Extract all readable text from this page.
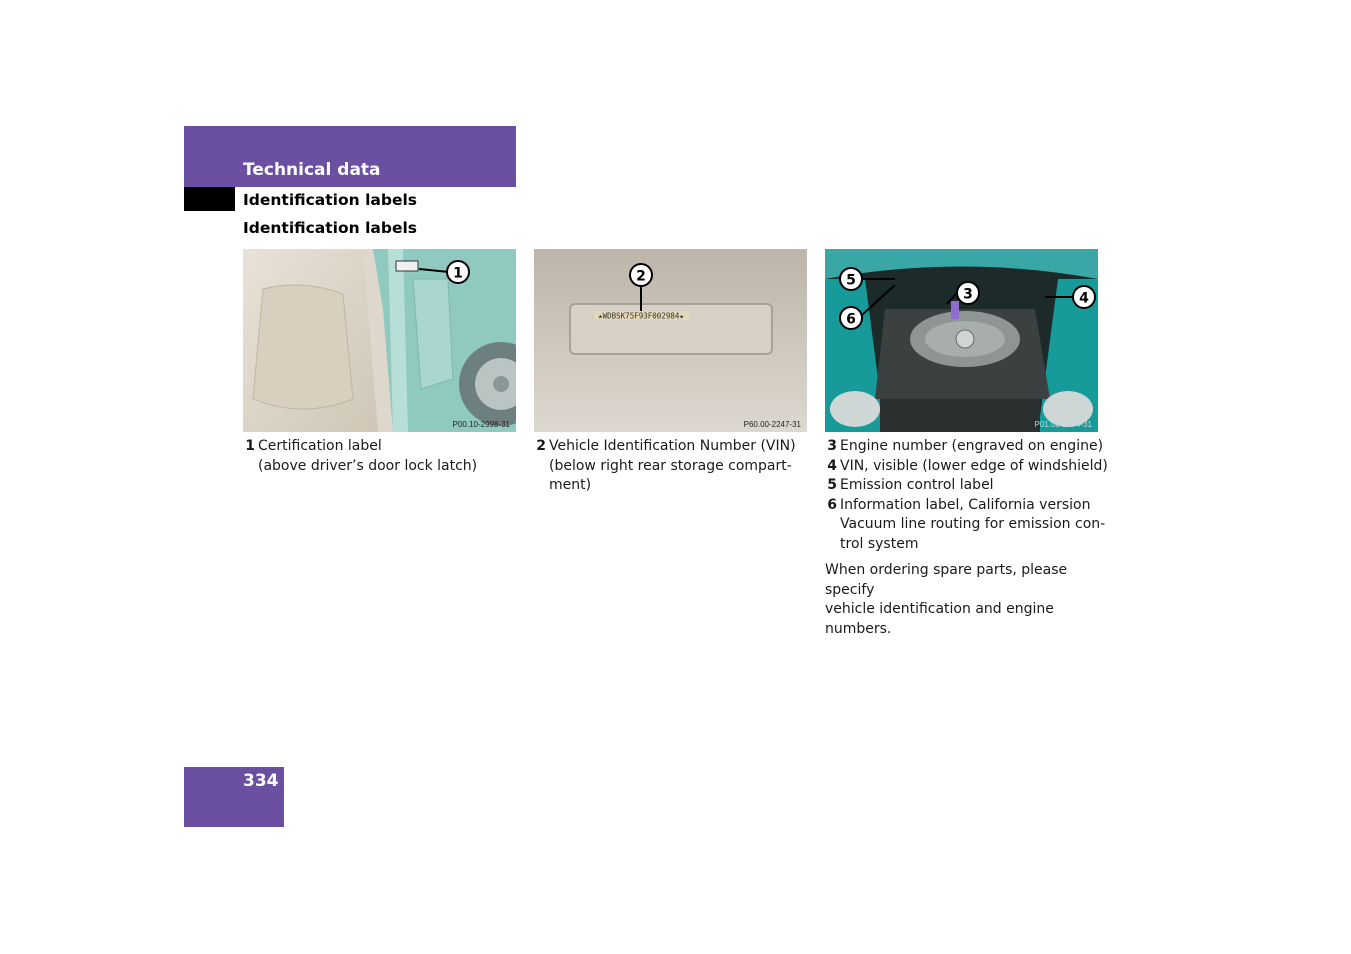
Technical data
Identification labels
Identification labels
1
P00.10-2998-31
★WDBSK75F93F002984★
2
P60.00-2247-31
5
6
3	4
P01.00-2074-31
1 Certification label
(above driver’s door lock latch)
2 Vehicle Identification Number (VIN)
(below right rear storage compart-
ment)
3 Engine number (engraved on engine)
4 VIN, visible (lower edge of windshield)
5 Emission control label
6 Information label, California version
Vacuum line routing for emission con-
trol system
When ordering spare parts, please specify
vehicle identification and engine numbers.
334
